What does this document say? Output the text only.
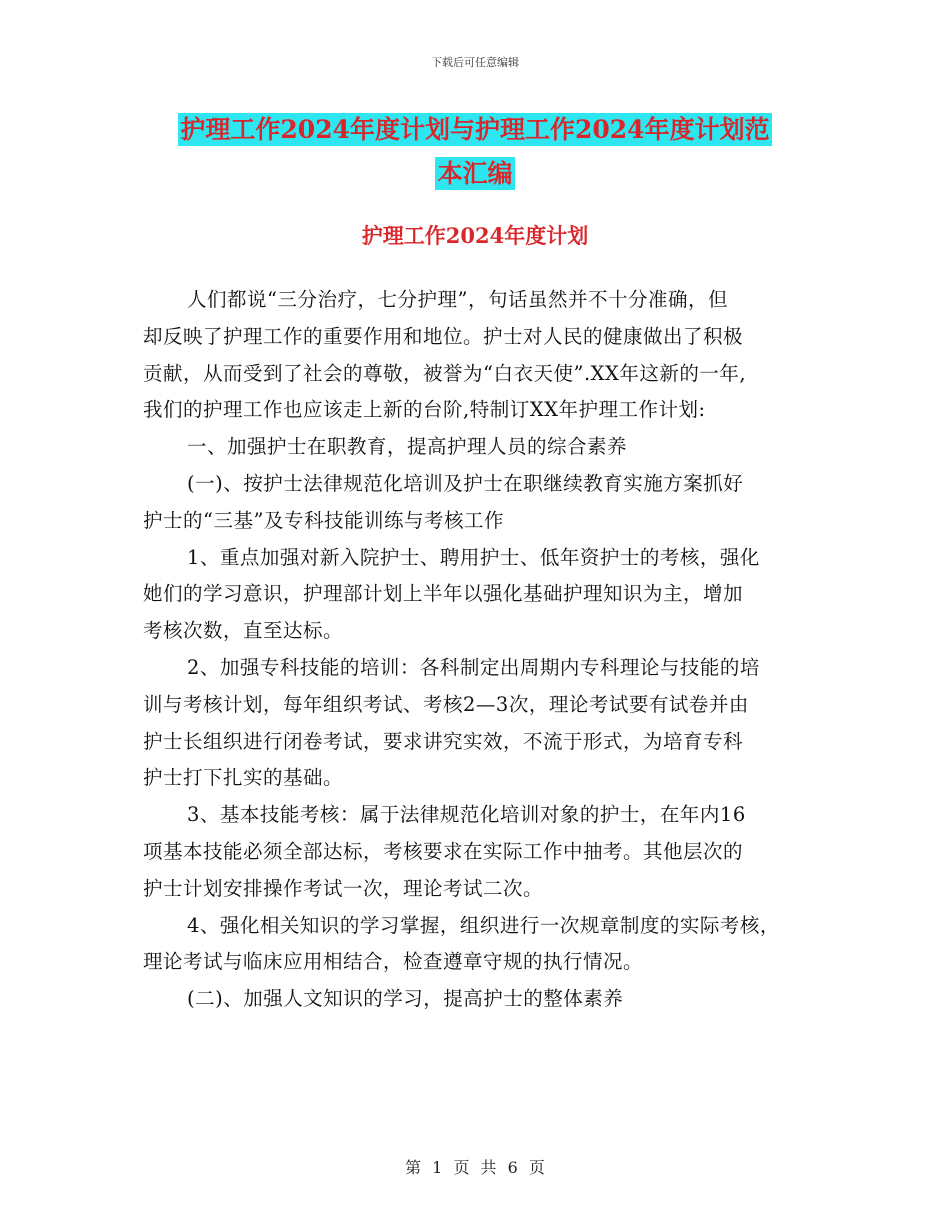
下载后可任意编辑
护理工作2024年度计划与护理工作2024年度计划范
本汇编
护理工作2024年度计划
人们都说“三分治疗，七分护理”，句话虽然并不十分准确，但
却反映了护理工作的重要作用和地位。护士对人民的健康做出了积极
贡献，从而受到了社会的尊敬，被誉为“白衣天使”.XX年这新的一年,
我们的护理工作也应该走上新的台阶,特制订XX年护理工作计划:
一、加强护士在职教育，提高护理人员的综合素养
(一)、按护士法律规范化培训及护士在职继续教育实施方案抓好
护士的“三基”及专科技能训练与考核工作
1、重点加强对新入院护士、聘用护士、低年资护士的考核，强化
她们的学习意识，护理部计划上半年以强化基础护理知识为主，增加
考核次数，直至达标。
2、加强专科技能的培训：各科制定出周期内专科理论与技能的培
训与考核计划，每年组织考试、考核2—3次，理论考试要有试卷并由
护士长组织进行闭卷考试，要求讲究实效，不流于形式，为培育专科
护士打下扎实的基础。
3、基本技能考核：属于法律规范化培训对象的护士，在年内16
项基本技能必须全部达标，考核要求在实际工作中抽考。其他层次的
护士计划安排操作考试一次，理论考试二次。
4、强化相关知识的学习掌握，组织进行一次规章制度的实际考核，
理论考试与临床应用相结合，检查遵章守规的执行情况。
(二)、加强人文知识的学习，提高护士的整体素养
第 1 页 共 6 页
